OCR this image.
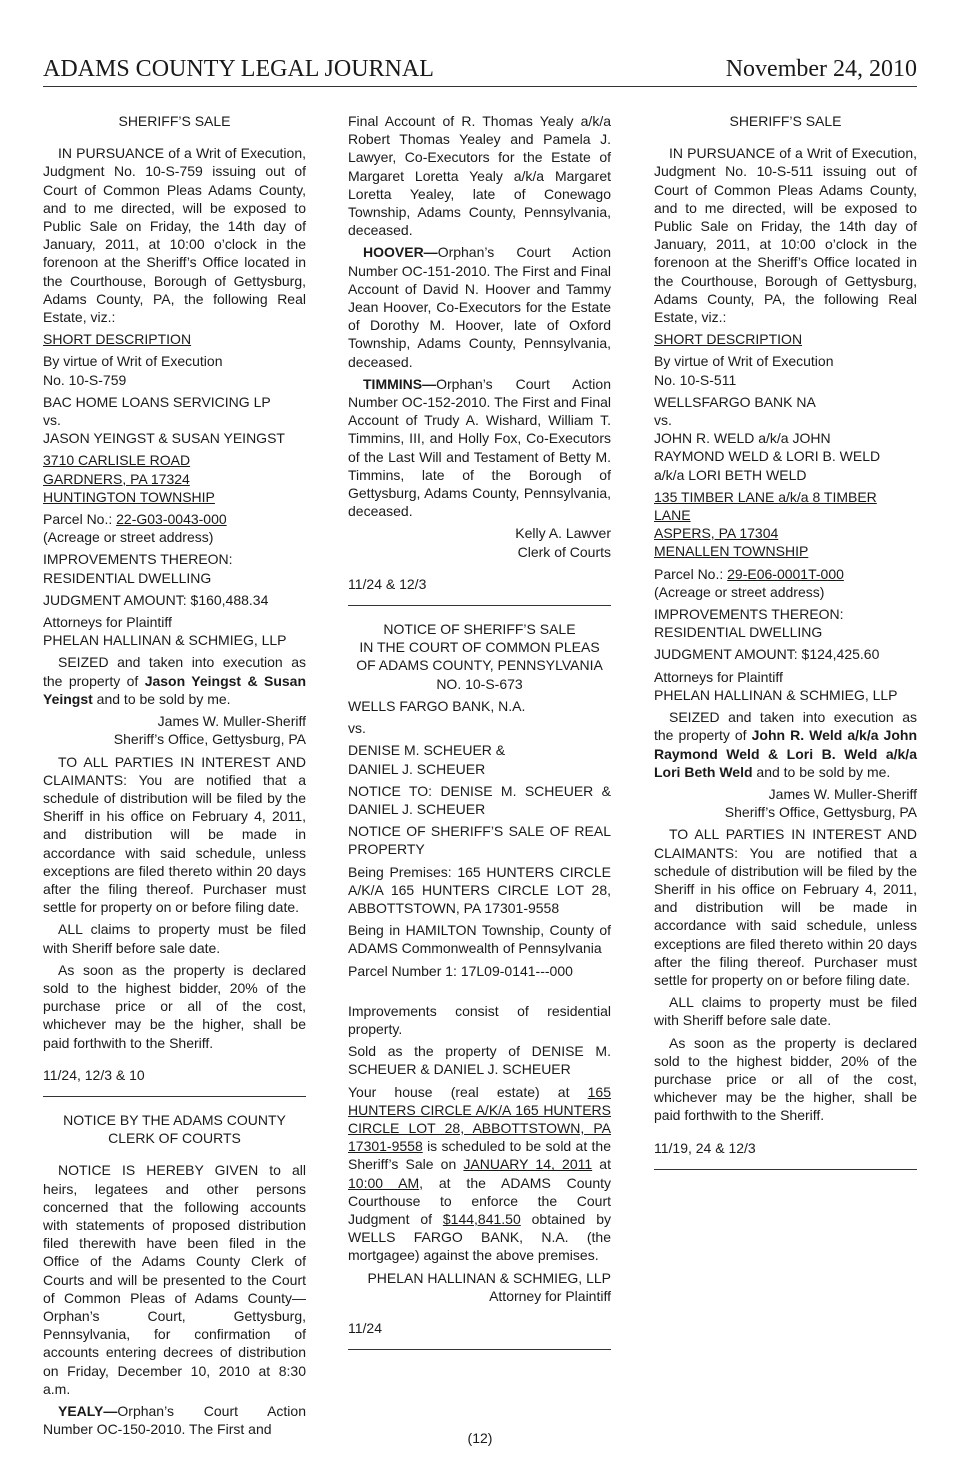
ADAMS COUNTY LEGAL JOURNAL	November 24, 2010

SHERIFF’S SALE

IN PURSUANCE of a Writ of Execution, Judgment No. 10-S-759 issuing out of Court of Common Pleas Adams County, and to me directed, will be exposed to Public Sale on Friday, the 14th day of January, 2011, at 10:00 o’clock in the forenoon at the Sheriff’s Office located in the Courthouse, Borough of Gettysburg, Adams County, PA, the following Real Estate, viz.:

SHORT DESCRIPTION

By virtue of Writ of Execution
No. 10-S-759

BAC HOME LOANS SERVICING LP
vs.
JASON YEINGST & SUSAN YEINGST

3710 CARLISLE ROAD
GARDNERS, PA 17324
HUNTINGTON TOWNSHIP

Parcel No.: 22-G03-0043-000
(Acreage or street address)

IMPROVEMENTS THEREON:
RESIDENTIAL DWELLING

JUDGMENT AMOUNT: $160,488.34

Attorneys for Plaintiff
PHELAN HALLINAN & SCHMIEG, LLP

SEIZED and taken into execution as the property of Jason Yeingst & Susan Yeingst and to be sold by me.

James W. Muller-Sheriff
Sheriff’s Office, Gettysburg, PA

TO ALL PARTIES IN INTEREST AND CLAIMANTS: You are notified that a schedule of distribution will be filed by the Sheriff in his office on February 4, 2011, and distribution will be made in accordance with said schedule, unless exceptions are filed thereto within 20 days after the filing thereof. Purchaser must settle for property on or before filing date.

ALL claims to property must be filed with Sheriff before sale date.

As soon as the property is declared sold to the highest bidder, 20% of the purchase price or all of the cost, whichever may be the higher, shall be paid forthwith to the Sheriff.

11/24, 12/3 & 10

NOTICE BY THE ADAMS COUNTY
CLERK OF COURTS

NOTICE IS HEREBY GIVEN to all heirs, legatees and other persons concerned that the following accounts with statements of proposed distribution filed therewith have been filed in the Office of the Adams County Clerk of Courts and will be presented to the Court of Common Pleas of Adams County—Orphan’s Court, Gettysburg, Pennsylvania, for confirmation of accounts entering decrees of distribution on Friday, December 10, 2010 at 8:30 a.m.

YEALY—Orphan’s Court Action Number OC-150-2010. The First and

Final Account of R. Thomas Yealy a/k/a Robert Thomas Yealey and Pamela J. Lawyer, Co-Executors for the Estate of Margaret Loretta Yealy a/k/a Margaret Loretta Yealey, late of Conewago Township, Adams County, Pennsylvania, deceased.

HOOVER—Orphan’s Court Action Number OC-151-2010. The First and Final Account of David N. Hoover and Tammy Jean Hoover, Co-Executors for the Estate of Dorothy M. Hoover, late of Oxford Township, Adams County, Pennsylvania, deceased.

TIMMINS—Orphan’s Court Action Number OC-152-2010. The First and Final Account of Trudy A. Wishard, William T. Timmins, III, and Holly Fox, Co-Executors of the Last Will and Testament of Betty M. Timmins, late of the Borough of Gettysburg, Adams County, Pennsylvania, deceased.

Kelly A. Lawver
Clerk of Courts

11/24 & 12/3

NOTICE OF SHERIFF’S SALE
IN THE COURT OF COMMON PLEAS
OF ADAMS COUNTY, PENNSYLVANIA
NO. 10-S-673

WELLS FARGO BANK, N.A.

vs.

DENISE M. SCHEUER &
DANIEL J. SCHEUER

NOTICE TO: DENISE M. SCHEUER & DANIEL J. SCHEUER

NOTICE OF SHERIFF’S SALE OF REAL PROPERTY

Being Premises: 165 HUNTERS CIRCLE A/K/A 165 HUNTERS CIRCLE LOT 28, ABBOTTSTOWN, PA 17301-9558

Being in HAMILTON Township, County of ADAMS Commonwealth of Pennsylvania

Parcel Number 1: 17L09-0141---000

Improvements consist of residential property.

Sold as the property of DENISE M. SCHEUER & DANIEL J. SCHEUER

Your house (real estate) at 165 HUNTERS CIRCLE A/K/A 165 HUNTERS CIRCLE LOT 28, ABBOTTSTOWN, PA 17301-9558 is scheduled to be sold at the Sheriff’s Sale on JANUARY 14, 2011 at 10:00 AM, at the ADAMS County Courthouse to enforce the Court Judgment of $144,841.50 obtained by WELLS FARGO BANK, N.A. (the mortgagee) against the above premises.

PHELAN HALLINAN & SCHMIEG, LLP
Attorney for Plaintiff

11/24

SHERIFF’S SALE

IN PURSUANCE of a Writ of Execution, Judgment No. 10-S-511 issuing out of Court of Common Pleas Adams County, and to me directed, will be exposed to Public Sale on Friday, the 14th day of January, 2011, at 10:00 o’clock in the forenoon at the Sheriff’s Office located in the Courthouse, Borough of Gettysburg, Adams County, PA, the following Real Estate, viz.:

SHORT DESCRIPTION

By virtue of Writ of Execution
No. 10-S-511

WELLSFARGO BANK NA
vs.
JOHN R. WELD a/k/a JOHN
RAYMOND WELD & LORI B. WELD
a/k/a LORI BETH WELD

135 TIMBER LANE a/k/a 8 TIMBER LANE
ASPERS, PA 17304
MENALLEN TOWNSHIP

Parcel No.: 29-E06-0001T-000
(Acreage or street address)

IMPROVEMENTS THEREON:
RESIDENTIAL DWELLING

JUDGMENT AMOUNT: $124,425.60

Attorneys for Plaintiff
PHELAN HALLINAN & SCHMIEG, LLP

SEIZED and taken into execution as the property of John R. Weld a/k/a John Raymond Weld & Lori B. Weld a/k/a Lori Beth Weld and to be sold by me.

James W. Muller-Sheriff
Sheriff’s Office, Gettysburg, PA

TO ALL PARTIES IN INTEREST AND CLAIMANTS: You are notified that a schedule of distribution will be filed by the Sheriff in his office on February 4, 2011, and distribution will be made in accordance with said schedule, unless exceptions are filed thereto within 20 days after the filing thereof. Purchaser must settle for property on or before filing date.

ALL claims to property must be filed with Sheriff before sale date.

As soon as the property is declared sold to the highest bidder, 20% of the purchase price or all of the cost, whichever may be the higher, shall be paid forthwith to the Sheriff.

11/19, 24 & 12/3

(12)
